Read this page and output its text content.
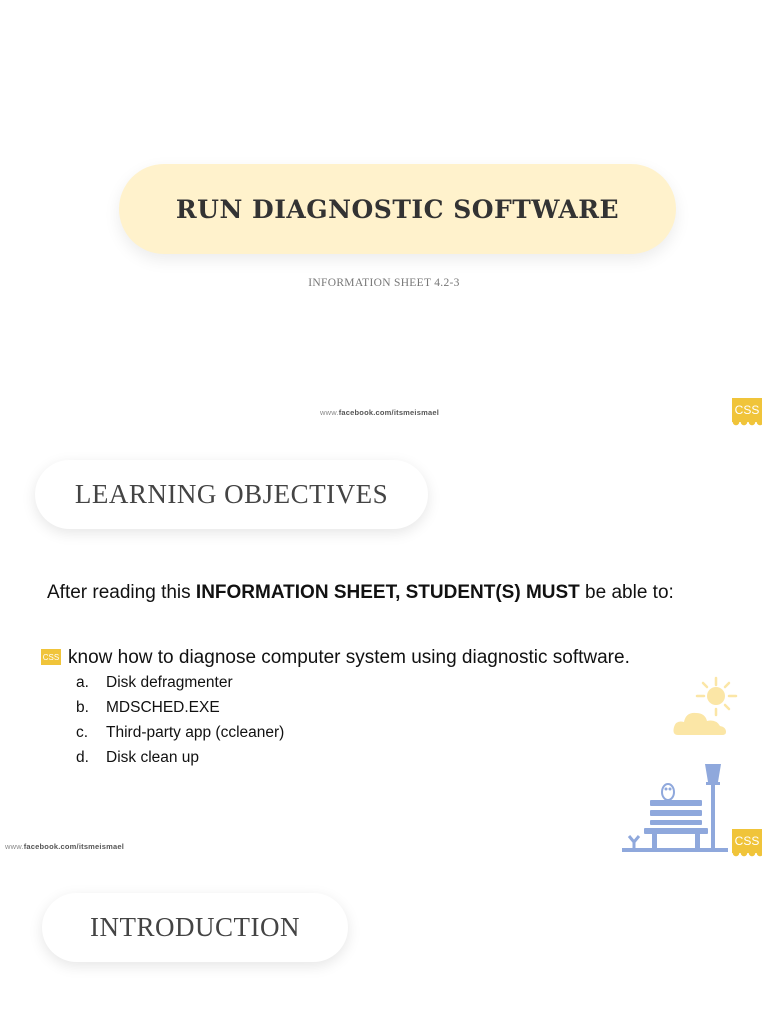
RUN DIAGNOSTIC SOFTWARE
INFORMATION SHEET 4.2-3
www.facebook.com/itsmeismael	CSS
LEARNING OBJECTIVES
After reading this INFORMATION SHEET, STUDENT(S) MUST be able to:
CSS know how to diagnose computer system using diagnostic software.
a.	Disk defragmenter
b.	MDSCHED.EXE
c.	Third-party app (ccleaner)
d.	Disk clean up
www.facebook.com/itsmeismael	CSS
INTRODUCTION
